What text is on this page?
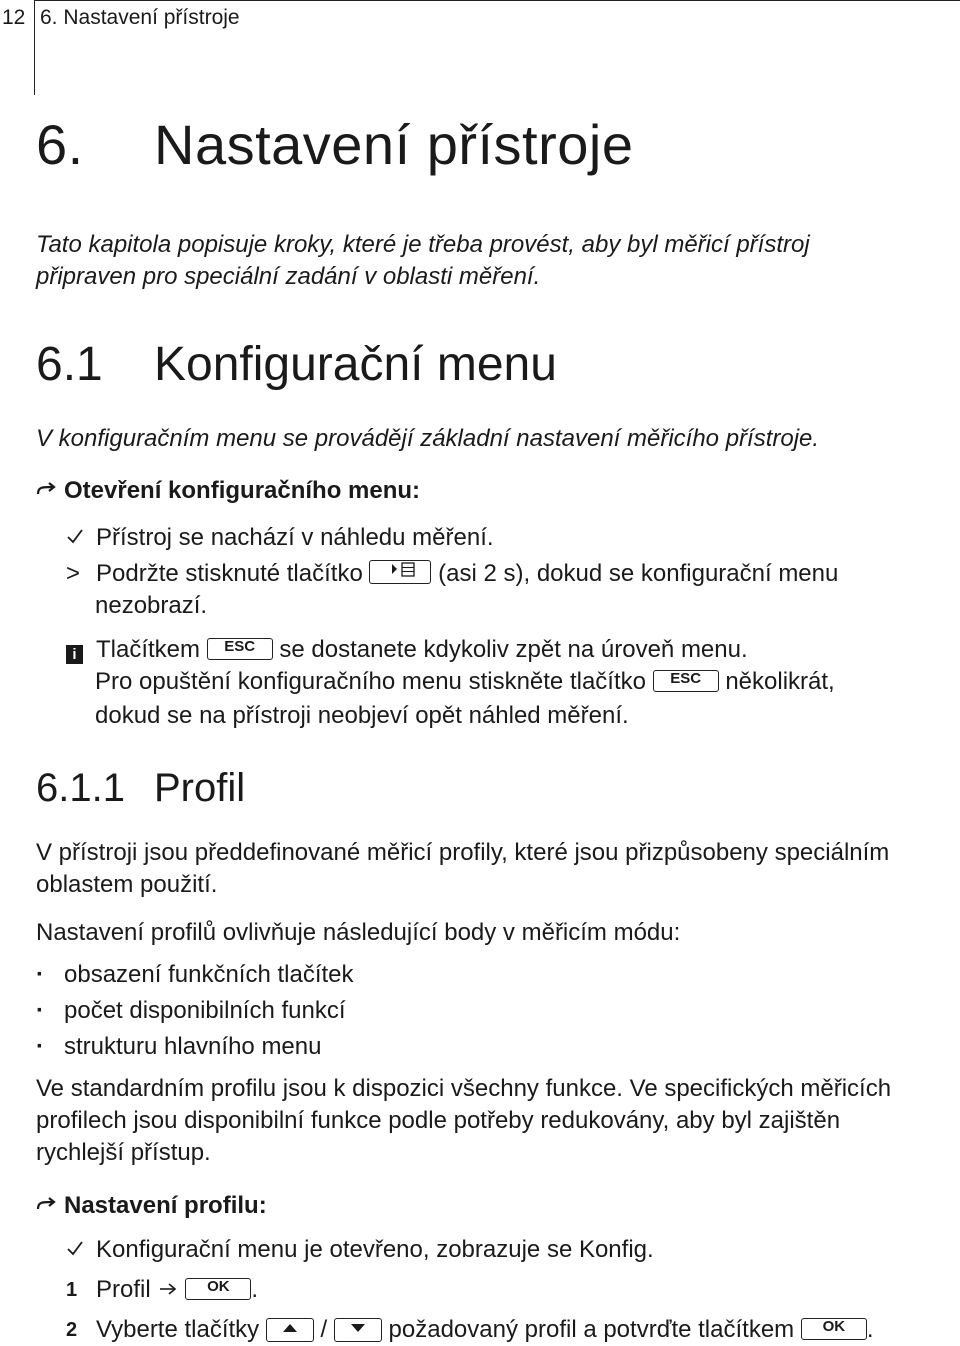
12 6. Nastavení přístroje
6. Nastavení přístroje
Tato kapitola popisuje kroky, které je třeba provést, aby byl měřicí přístroj připraven pro speciální zadání v oblasti měření.
6.1 Konfigurační menu
V konfiguračním menu se provádějí základní nastavení měřicího přístroje.
Otevření konfiguračního menu:
Přístroj se nachází v náhledu měření.
> Podržte stisknuté tlačítko	(asi 2 s), dokud se konfigurační menu
nezobrazí.
i Tlačítkem ESC se dostanete kdykoliv zpět na úroveň menu.
Pro opuštění konfiguračního menu stiskněte tlačítko ESC několikrát,
dokud se na přístroji neobjeví opět náhled měření.
6.1.1 Profil
V přístroji jsou předdefinované měřicí profily, které jsou přizpůsobeny speciálním oblastem použití.
Nastavení profilů ovlivňuje následující body v měřicím módu:
· obsazení funkčních tlačítek
· počet disponibilních funkcí
· strukturu hlavního menu
Ve standardním profilu jsou k dispozici všechny funkce. Ve specifických měřicích profilech jsou disponibilní funkce podle potřeby redukovány, aby byl zajištěn rychlejší přístup.
Nastavení profilu:
Konfigurační menu je otevřeno, zobrazuje se Konfig.
1 Profil	OK .
2 Vyberte tlačítky	/	požadovaný profil a potvrďte tlačítkem OK .
